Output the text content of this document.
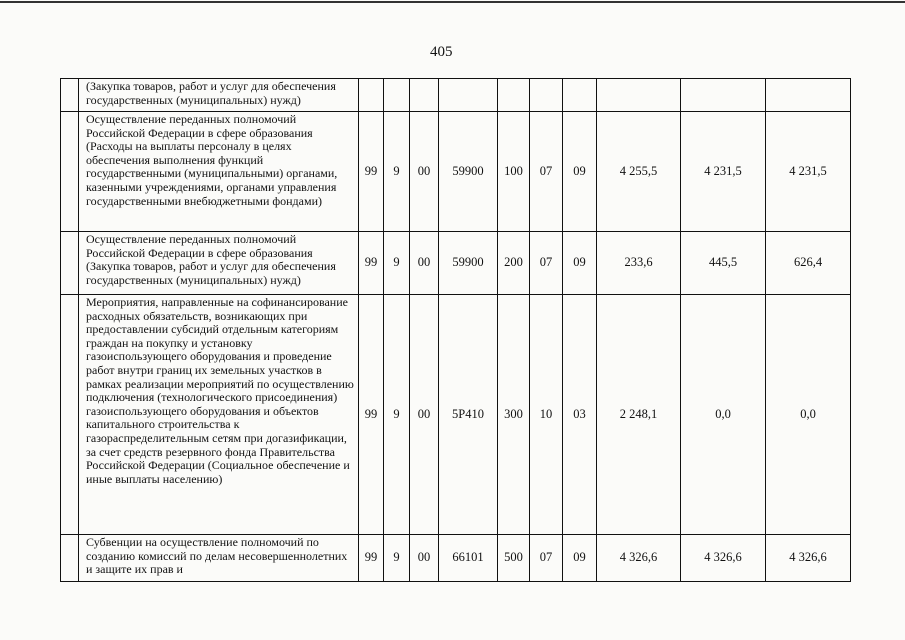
405
	(Закупка товаров, работ и услуг для обеспечения государственных (муниципальных) нужд)										
	Осуществление переданных полномочий Российской Федерации в сфере образования (Расходы на выплаты персоналу в целях обеспечения выполнения функций государственными (муниципальными) органами, казенными учреждениями, органами управления государственными внебюджетными фондами)	99	9	00	59900	100	07	09	4 255,5	4 231,5	4 231,5
	Осуществление переданных полномочий Российской Федерации в сфере образования (Закупка товаров, работ и услуг для обеспечения государственных (муниципальных) нужд)	99	9	00	59900	200	07	09	233,6	445,5	626,4
	Мероприятия, направленные на софинансирование расходных обязательств, возникающих при предоставлении субсидий отдельным категориям граждан на покупку и установку газоиспользующего оборудования и проведение работ внутри границ их земельных участков в рамках реализации мероприятий по осуществлению подключения (технологического присоединения) газоиспользующего оборудования и объектов капитального строительства к газораспределительным сетям при догазификации, за счет средств резервного фонда Правительства Российской Федерации (Социальное обеспечение и иные выплаты населению)	99	9	00	5P410	300	10	03	2 248,1	0,0	0,0
	Субвенции на осуществление полномочий по созданию комиссий по делам несовершеннолетних и защите их прав и	99	9	00	66101	500	07	09	4 326,6	4 326,6	4 326,6
